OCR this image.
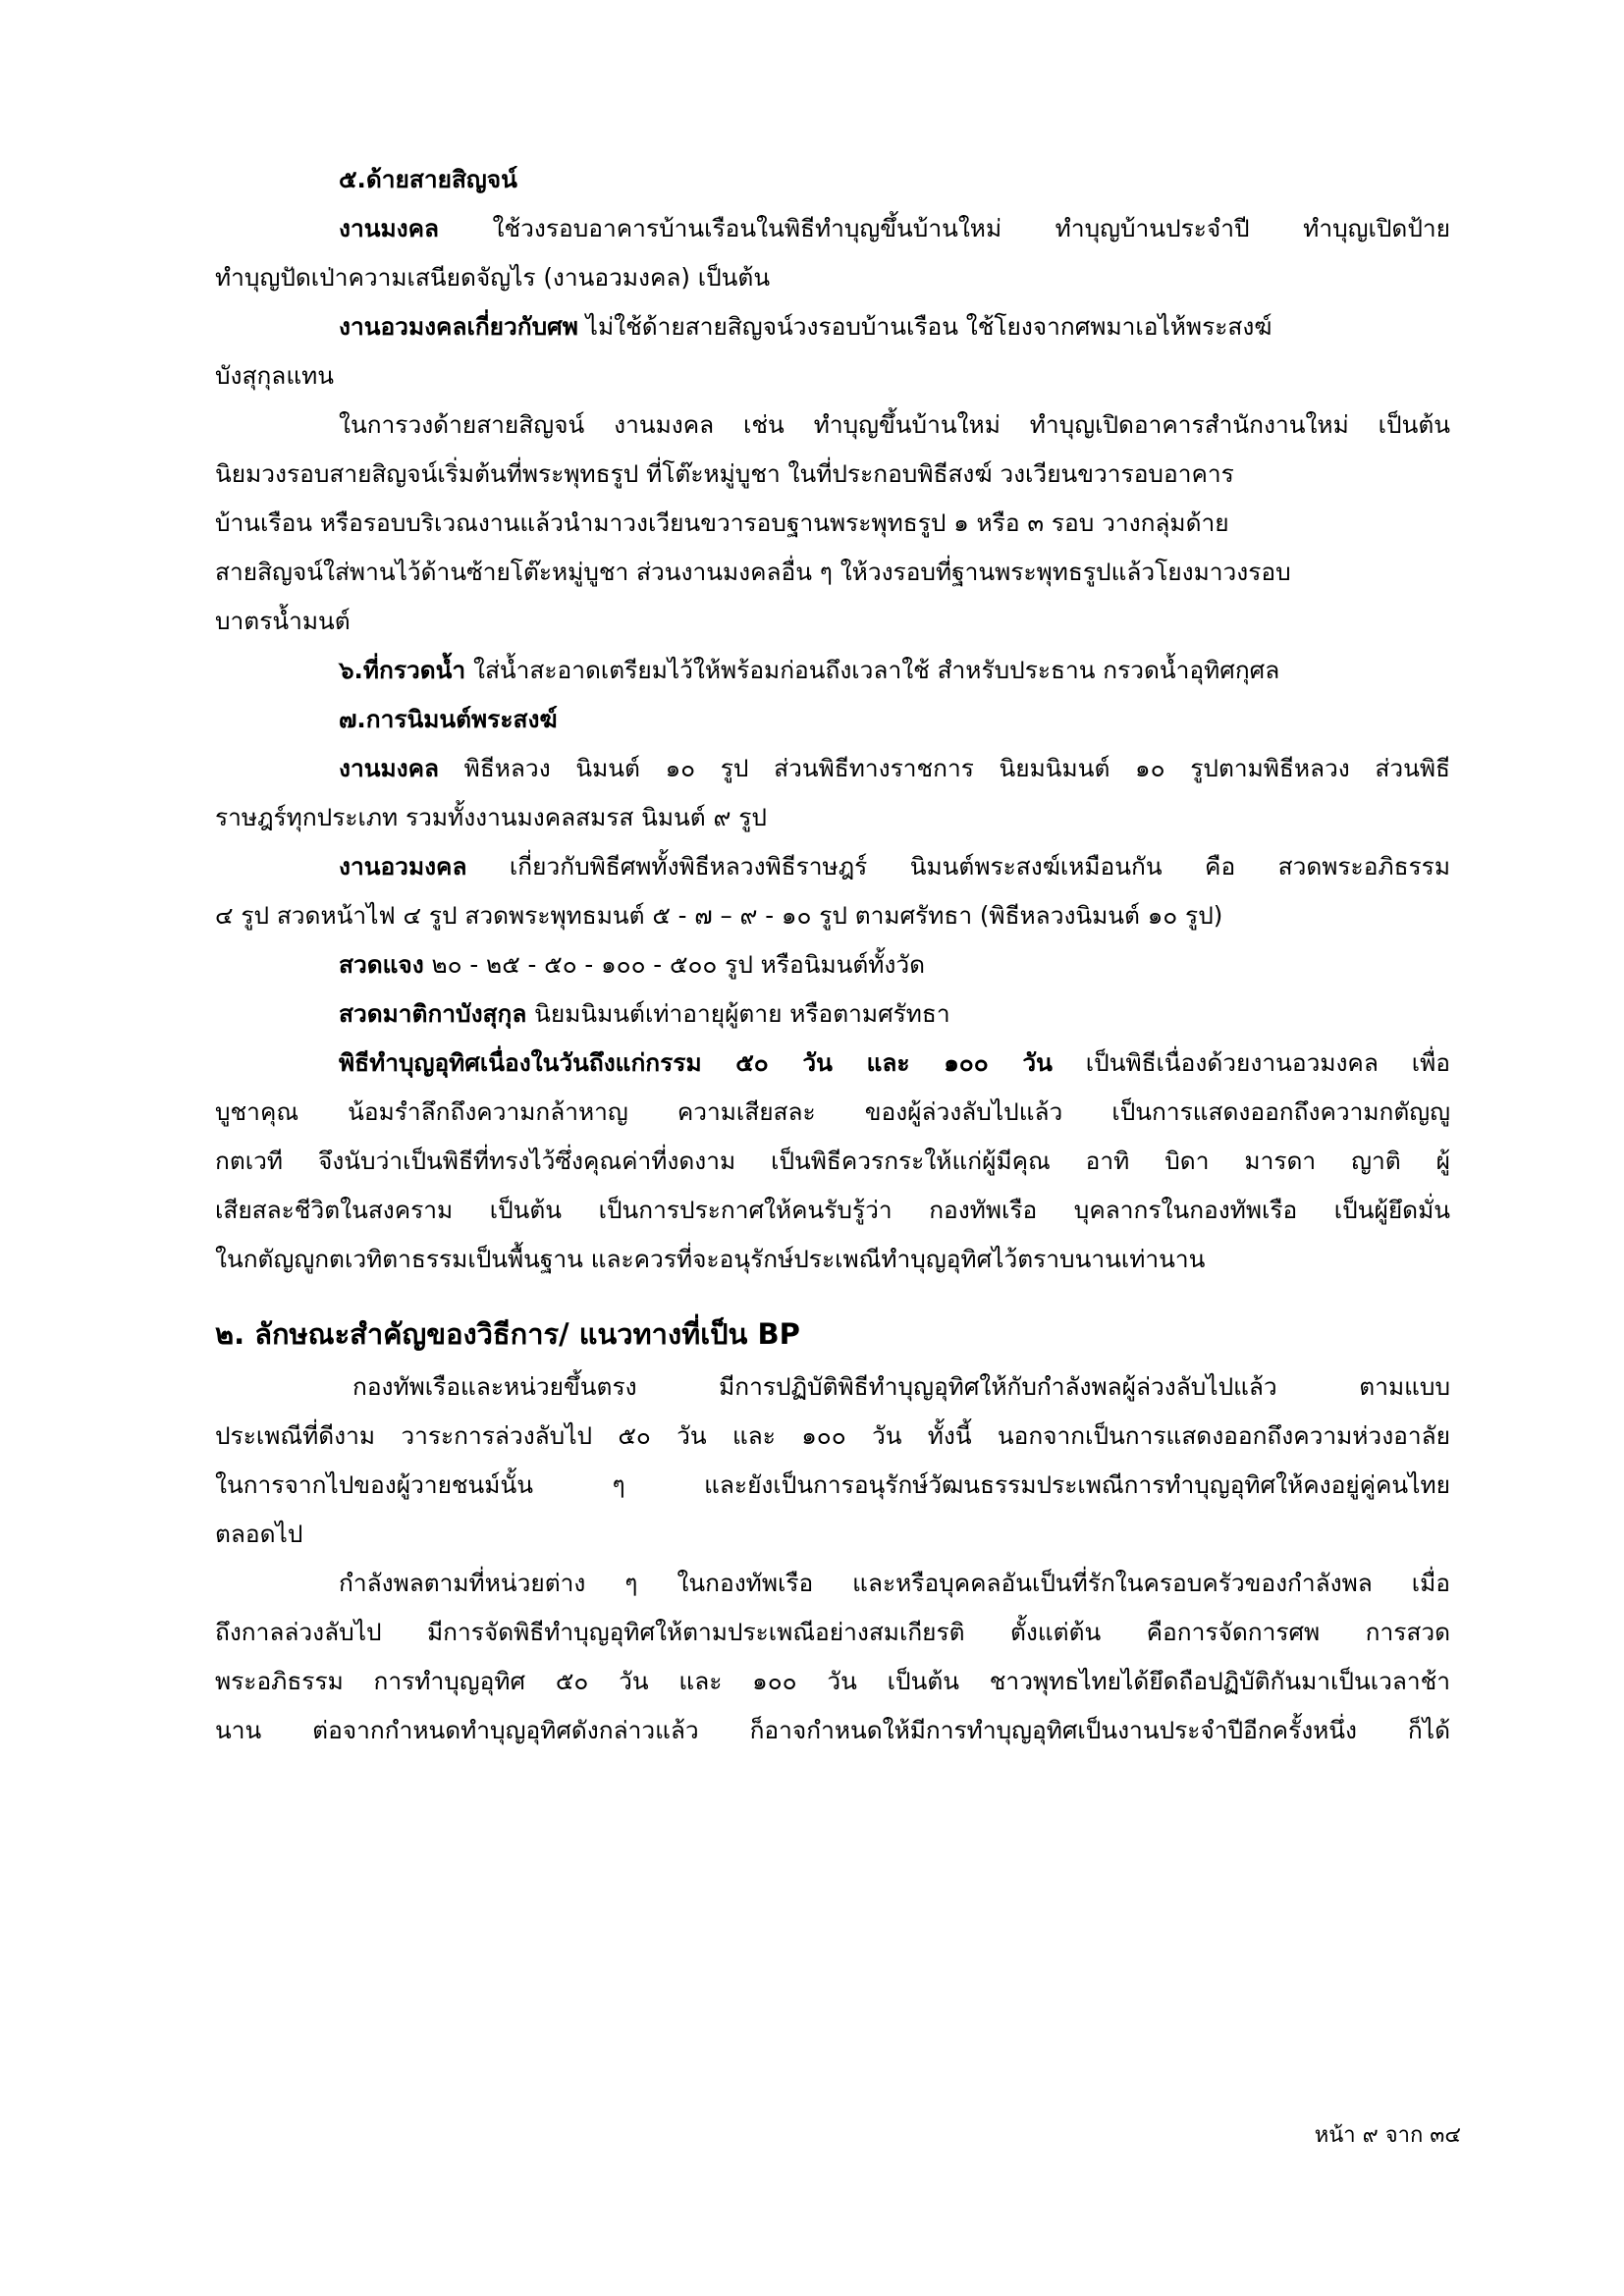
๕.ด้ายสายสิญจน์
งานมงคล ใช้วงรอบอาคารบ้านเรือนในพิธีทำบุญขึ้นบ้านใหม่ ทำบุญบ้านประจำปี ทำบุญเปิดป้าย
ทำบุญปัดเป่าความเสนียดจัญไร (งานอวมงคล) เป็นต้น
งานอวมงคลเกี่ยวกับศพ ไม่ใช้ด้ายสายสิญจน์วงรอบบ้านเรือน ใช้โยงจากศพมาเอไห้พระสงฆ์
บังสุกุลแทน
ในการวงด้ายสายสิญจน์ งานมงคล เช่น ทำบุญขึ้นบ้านใหม่ ทำบุญเปิดอาคารสำนักงานใหม่ เป็นต้น
นิยมวงรอบสายสิญจน์เริ่มต้นที่พระพุทธรูป ที่โต๊ะหมู่บูชา ในที่ประกอบพิธีสงฆ์ วงเวียนขวารอบอาคาร
บ้านเรือน หรือรอบบริเวณงานแล้วนำมาวงเวียนขวารอบฐานพระพุทธรูป ๑ หรือ ๓ รอบ วางกลุ่มด้าย
สายสิญจน์ใส่พานไว้ด้านซ้ายโต๊ะหมู่บูชา ส่วนงานมงคลอื่น ๆ ให้วงรอบที่ฐานพระพุทธรูปแล้วโยงมาวงรอบ
บาตรน้ำมนต์
๖.ที่กรวดน้ำ ใส่น้ำสะอาดเตรียมไว้ให้พร้อมก่อนถึงเวลาใช้ สำหรับประธาน กรวดน้ำอุทิศกุศล
๗.การนิมนต์พระสงฆ์
งานมงคล พิธีหลวง นิมนต์ ๑๐ รูป ส่วนพิธีทางราชการ นิยมนิมนต์ ๑๐ รูปตามพิธีหลวง ส่วนพิธี
ราษฎร์ทุกประเภท รวมทั้งงานมงคลสมรส นิมนต์ ๙ รูป
งานอวมงคล เกี่ยวกับพิธีศพทั้งพิธีหลวงพิธีราษฎร์ นิมนต์พระสงฆ์เหมือนกัน คือ สวดพระอภิธรรม
๔ รูป สวดหน้าไฟ ๔ รูป สวดพระพุทธมนต์ ๕ - ๗ – ๙ - ๑๐ รูป ตามศรัทธา (พิธีหลวงนิมนต์ ๑๐ รูป)
สวดแจง ๒๐ - ๒๕ - ๕๐ - ๑๐๐ - ๕๐๐ รูป หรือนิมนต์ทั้งวัด
สวดมาติกาบังสุกุล นิยมนิมนต์เท่าอายุผู้ตาย หรือตามศรัทธา
พิธีทำบุญอุทิศเนื่องในวันถึงแก่กรรม ๕๐ วัน และ ๑๐๐ วัน เป็นพิธีเนื่องด้วยงานอวมงคล เพื่อ
บูชาคุณ น้อมรำลึกถึงความกล้าหาญ ความเสียสละ ของผู้ล่วงลับไปแล้ว เป็นการแสดงออกถึงความกตัญญู
กตเวที จึงนับว่าเป็นพิธีที่ทรงไว้ซึ่งคุณค่าที่งดงาม เป็นพิธีควรกระให้แก่ผู้มีคุณ อาทิ บิดา มารดา ญาติ ผู้
เสียสละชีวิตในสงคราม เป็นต้น เป็นการประกาศให้คนรับรู้ว่า กองทัพเรือ บุคลากรในกองทัพเรือ เป็นผู้ยึดมั่น
ในกตัญญูกตเวทิตาธรรมเป็นพื้นฐาน และควรที่จะอนุรักษ์ประเพณีทำบุญอุทิศไว้ตราบนานเท่านาน
๒. ลักษณะสำคัญของวิธีการ/ แนวทางที่เป็น BP
กองทัพเรือและหน่วยขึ้นตรง มีการปฏิบัติพิธีทำบุญอุทิศให้กับกำลังพลผู้ล่วงลับไปแล้ว ตามแบบ
ประเพณีที่ดีงาม วาระการล่วงลับไป ๕๐ วัน และ ๑๐๐ วัน ทั้งนี้ นอกจากเป็นการแสดงออกถึงความห่วงอาลัย
ในการจากไปของผู้วายชนม์นั้น ๆ และยังเป็นการอนุรักษ์วัฒนธรรมประเพณีการทำบุญอุทิศให้คงอยู่คู่คนไทย
ตลอดไป
กำลังพลตามที่หน่วยต่าง ๆ ในกองทัพเรือ และหรือบุคคลอันเป็นที่รักในครอบครัวของกำลังพล เมื่อ
ถึงกาลล่วงลับไป มีการจัดพิธีทำบุญอุทิศให้ตามประเพณีอย่างสมเกียรติ ตั้งแต่ต้น คือการจัดการศพ การสวด
พระอภิธรรม การทำบุญอุทิศ ๕๐ วัน และ ๑๐๐ วัน เป็นต้น ชาวพุทธไทยได้ยึดถือปฏิบัติกันมาเป็นเวลาช้า
นาน ต่อจากกำหนดทำบุญอุทิศดังกล่าวแล้ว ก็อาจกำหนดให้มีการทำบุญอุทิศเป็นงานประจำปีอีกครั้งหนึ่ง ก็ได้
หน้า ๙ จาก ๓๔
